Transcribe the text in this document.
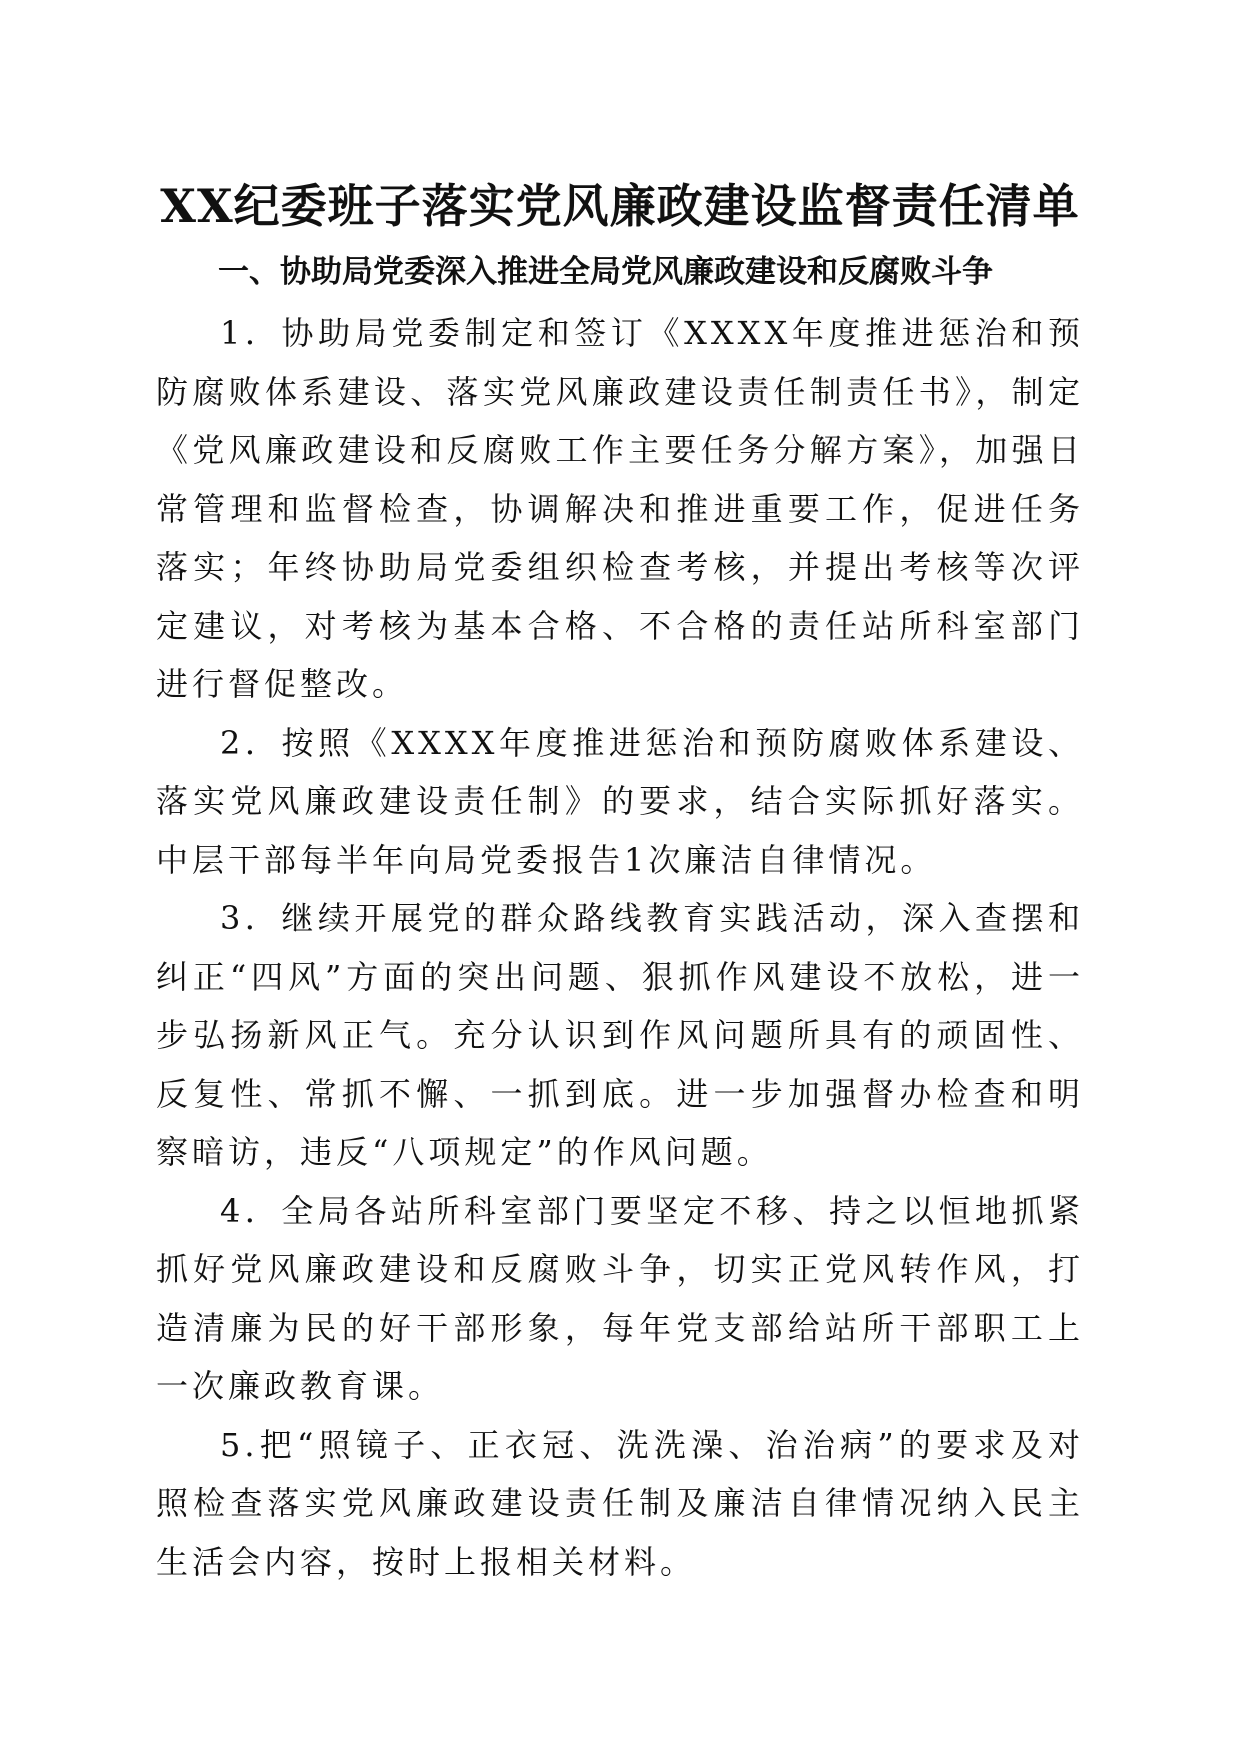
XX纪委班子落实党风廉政建设监督责任清单
一、协助局党委深入推进全局党风廉政建设和反腐败斗争

1．协助局党委制定和签订《XXXX年度推进惩治和预防腐败体系建设、落实党风廉政建设责任制责任书》，制定《党风廉政建设和反腐败工作主要任务分解方案》，加强日常管理和监督检查，协调解决和推进重要工作，促进任务落实；年终协助局党委组织检查考核，并提出考核等次评定建议，对考核为基本合格、不合格的责任站所科室部门进行督促整改。

2．按照《XXXX年度推进惩治和预防腐败体系建设、落实党风廉政建设责任制》的要求，结合实际抓好落实。中层干部每半年向局党委报告1次廉洁自律情况。

3．继续开展党的群众路线教育实践活动，深入查摆和纠正“四风”方面的突出问题、狠抓作风建设不放松，进一步弘扬新风正气。充分认识到作风问题所具有的顽固性、反复性、常抓不懈、一抓到底。进一步加强督办检查和明察暗访，违反“八项规定”的作风问题。

4．全局各站所科室部门要坚定不移、持之以恒地抓紧抓好党风廉政建设和反腐败斗争，切实正党风转作风，打造清廉为民的好干部形象，每年党支部给站所干部职工上一次廉政教育课。

5.把“照镜子、正衣冠、洗洗澡、治治病”的要求及对照检查落实党风廉政建设责任制及廉洁自律情况纳入民主生活会内容，按时上报相关材料。
